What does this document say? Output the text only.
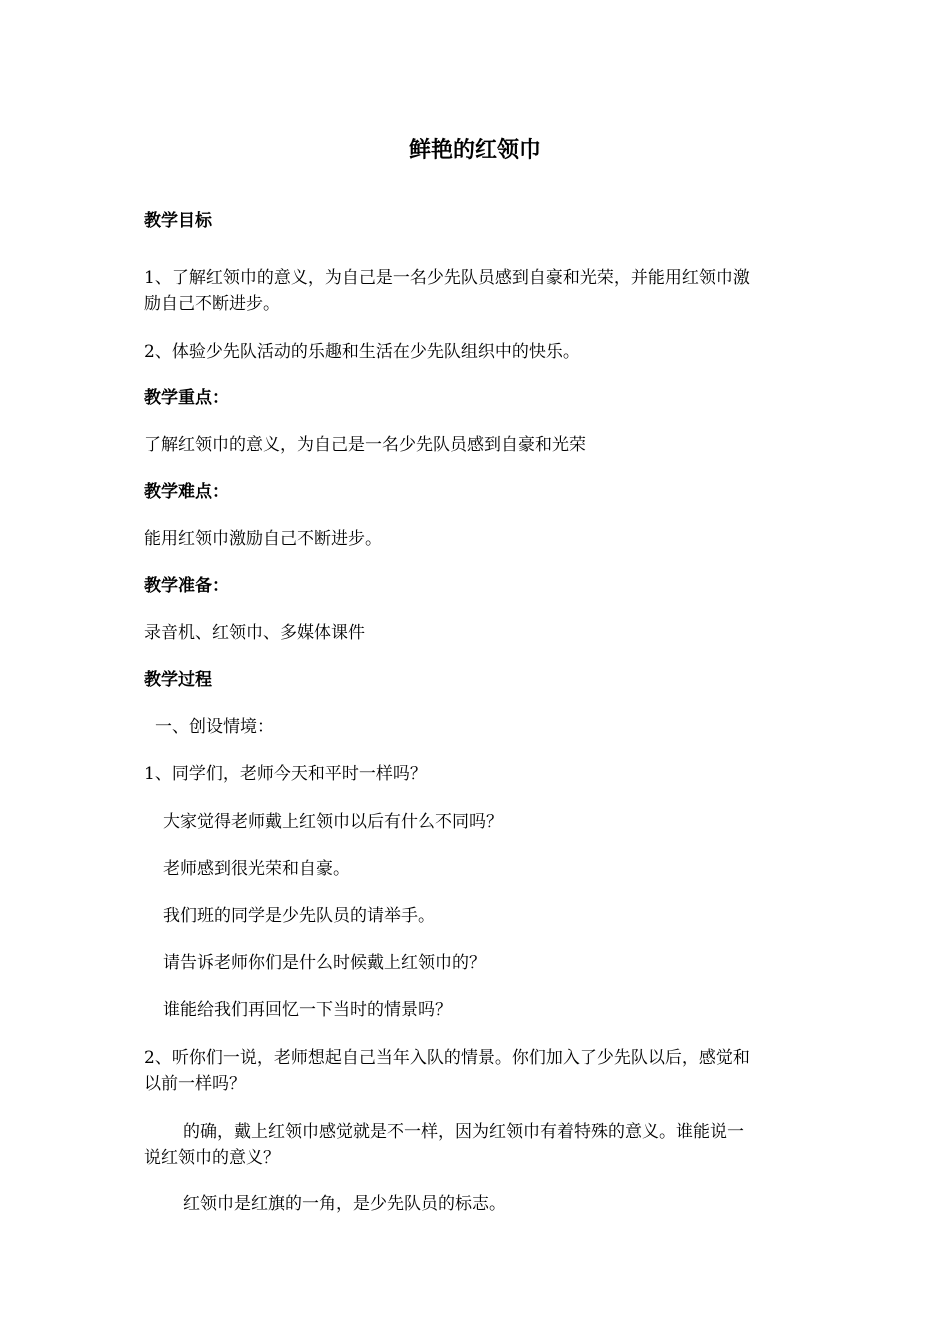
鲜艳的红领巾
教学目标
1、了解红领巾的意义，为自己是一名少先队员感到自豪和光荣，并能用红领巾激
励自己不断进步。
2、体验少先队活动的乐趣和生活在少先队组织中的快乐。
教学重点：
了解红领巾的意义，为自己是一名少先队员感到自豪和光荣
教学难点：
能用红领巾激励自己不断进步。
教学准备：
录音机、红领巾、多媒体课件
教学过程
一、创设情境：
1、同学们，老师今天和平时一样吗？
大家觉得老师戴上红领巾以后有什么不同吗？
老师感到很光荣和自豪。
我们班的同学是少先队员的请举手。
请告诉老师你们是什么时候戴上红领巾的？
谁能给我们再回忆一下当时的情景吗？
2、听你们一说，老师想起自己当年入队的情景。你们加入了少先队以后，感觉和
以前一样吗？
的确，戴上红领巾感觉就是不一样，因为红领巾有着特殊的意义。谁能说一
说红领巾的意义？
红领巾是红旗的一角，是少先队员的标志。
